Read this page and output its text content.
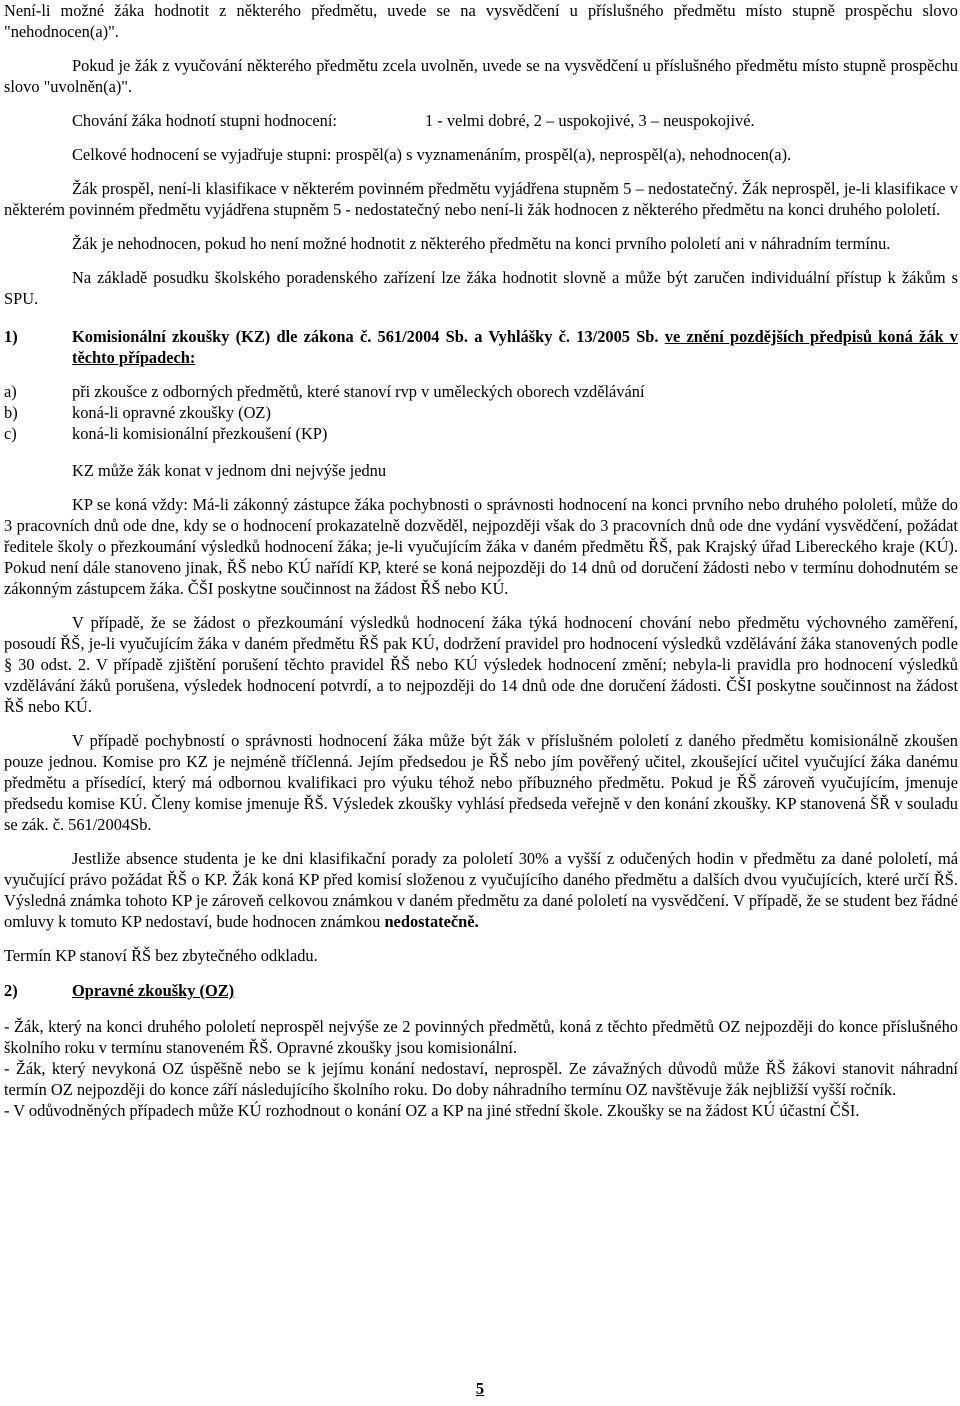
Není-li možné žáka hodnotit z některého předmětu, uvede se na vysvědčení u příslušného předmětu místo stupně prospěchu slovo "nehodnocen(a)".

Pokud je žák z vyučování některého předmětu zcela uvolněn, uvede se na vysvědčení u příslušného předmětu místo stupně prospěchu slovo "uvolněn(a)".

Chování žáka hodnotí stupni hodnocení:	1 - velmi dobré, 2 – uspokojivé, 3 – neuspokojivé.

Celkové hodnocení se vyjadřuje stupni: prospěl(a) s vyznamenáním, prospěl(a), neprospěl(a), nehodnocen(a).

Žák prospěl, není-li klasifikace v některém povinném předmětu vyjádřena stupněm 5 – nedostatečný. Žák neprospěl, je-li klasifikace v některém povinném předmětu vyjádřena stupněm 5 - nedostatečný nebo není-li žák hodnocen z některého předmětu na konci druhého pololetí.

Žák je nehodnocen, pokud ho není možné hodnotit z některého předmětu na konci prvního pololetí ani v náhradním termínu.

Na základě posudku školského poradenského zařízení lze žáka hodnotit slovně a může být zaručen individuální přístup k žákům s SPU.

1)	Komisionální zkoušky (KZ) dle zákona č. 561/2004 Sb. a Vyhlášky č. 13/2005 Sb. ve znění pozdějších předpisů koná žák v těchto případech:
a)	při zkoušce z odborných předmětů, které stanoví rvp v uměleckých oborech vzdělávání
b)	koná-li opravné zkoušky (OZ)
c)	koná-li komisionální přezkoušení (KP)

KZ může žák konat v jednom dni nejvýše jednu

KP se koná vždy: Má-li zákonný zástupce žáka pochybnosti o správnosti hodnocení na konci prvního nebo druhého pololetí, může do 3 pracovních dnů ode dne, kdy se o hodnocení prokazatelně dozvěděl, nejpozději však do 3 pracovních dnů ode dne vydání vysvědčení, požádat ředitele školy o přezkoumání výsledků hodnocení žáka; je-li vyučujícím žáka v daném předmětu ŘŠ, pak Krajský úřad Libereckého kraje (KÚ). Pokud není dále stanoveno jinak, ŘŠ nebo KÚ nařídí KP, které se koná nejpozději do 14 dnů od doručení žádosti nebo v termínu dohodnutém se zákonným zástupcem žáka. ČŠI poskytne součinnost na žádost ŘŠ nebo KÚ.

V případě, že se žádost o přezkoumání výsledků hodnocení žáka týká hodnocení chování nebo předmětu výchovného zaměření, posoudí ŘŠ, je-li vyučujícím žáka v daném předmětu ŘŠ pak KÚ, dodržení pravidel pro hodnocení výsledků vzdělávání žáka stanovených podle § 30 odst. 2. V případě zjištění porušení těchto pravidel ŘŠ nebo KÚ výsledek hodnocení změní; nebyla-li pravidla pro hodnocení výsledků vzdělávání žáků porušena, výsledek hodnocení potvrdí, a to nejpozději do 14 dnů ode dne doručení žádosti. ČŠI poskytne součinnost na žádost ŘŠ nebo KÚ.

V případě pochybností o správnosti hodnocení žáka může být žák v příslušném pololetí z daného předmětu komisionálně zkoušen pouze jednou. Komise pro KZ je nejméně tříčlenná. Jejím předsedou je ŘŠ nebo jím pověřený učitel, zkoušející učitel vyučující žáka danému předmětu a přísedící, který má odbornou kvalifikaci pro výuku téhož nebo příbuzného předmětu. Pokud je ŘŠ zároveň vyučujícím, jmenuje předsedu komise KÚ. Členy komise jmenuje ŘŠ. Výsledek zkoušky vyhlásí předseda veřejně v den konání zkoušky. KP stanovená ŠŘ v souladu se zák. č. 561/2004Sb.

Jestliže absence studenta je ke dni klasifikační porady za pololetí 30% a vyšší z odučených hodin v předmětu za dané pololetí, má vyučující právo požádat ŘŠ o KP. Žák koná KP před komisí složenou z vyučujícího daného předmětu a dalších dvou vyučujících, které určí ŘŠ. Výsledná známka tohoto KP je zároveň celkovou známkou v daném předmětu za dané pololetí na vysvědčení. V případě, že se student bez řádné omluvy k tomuto KP nedostaví, bude hodnocen známkou nedostatečně.

Termín KP stanoví ŘŠ bez zbytečného odkladu.

2)	Opravné zkoušky (OZ)

- Žák, který na konci druhého pololetí neprospěl nejvýše ze 2 povinných předmětů, koná z těchto předmětů OZ nejpozději do konce příslušného školního roku v termínu stanoveném ŘŠ. Opravné zkoušky jsou komisionální.

- Žák, který nevykoná OZ úspěšně nebo se k jejímu konání nedostaví, neprospěl. Ze závažných důvodů může ŘŠ žákovi stanovit náhradní termín OZ nejpozději do konce září následujícího školního roku. Do doby náhradního termínu OZ navštěvuje žák nejbližší vyšší ročník.

- V odůvodněných případech může KÚ rozhodnout o konání OZ a KP na jiné střední škole. Zkoušky se na žádost KÚ účastní ČŠI.

5
